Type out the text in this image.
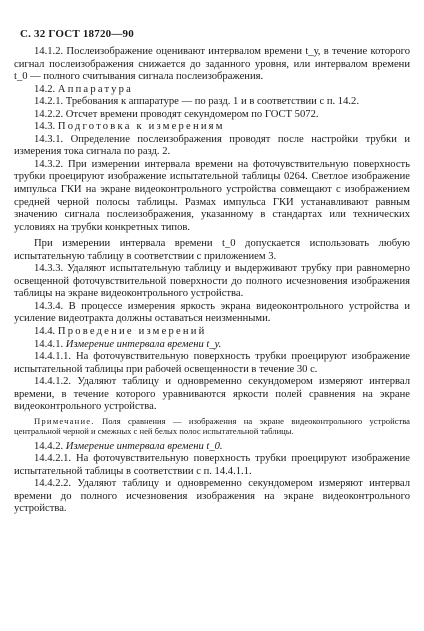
С. 32 ГОСТ 18720—90

14.1.2. Послеизображение оценивают интервалом времени t_у, в течение которого сигнал послеизображения снижается до заданного уровня, или интервалом времени t_0 — полного считывания сигнала послеизображения.

14.2. Аппаратура

14.2.1. Требования к аппаратуре — по разд. 1 и в соответствии с п. 14.2.

14.2.2. Отсчет времени проводят секундомером по ГОСТ 5072.

14.3. Подготовка к измерениям

14.3.1. Определение послеизображения проводят после настройки трубки и измерения тока сигнала по разд. 2.

14.3.2. При измерении интервала времени на фоточувствительную поверхность трубки проецируют изображение испытательной таблицы 0264. Светлое изображение импульса ГКИ на экране видеоконтрольного устройства совмещают с изображением средней черной полосы таблицы. Размах импульса ГКИ устанавливают равным значению сигнала послеизображения, указанному в стандартах или технических условиях на трубки конкретных типов.

При измерении интервала времени t_0 допускается использовать любую испытательную таблицу в соответствии с приложением 3.

14.3.3. Удаляют испытательную таблицу и выдерживают трубку при равномерно освещенной фоточувствительной поверхности до полного исчезновения изображения таблицы на экране видеоконтрольного устройства.

14.3.4. В процессе измерения яркость экрана видеоконтрольного устройства и усиление видеотракта должны оставаться неизменными.

14.4. Проведение измерений

14.4.1. Измерение интервала времени t_у.

14.4.1.1. На фоточувствительную поверхность трубки проецируют изображение испытательной таблицы при рабочей освещенности в течение 30 с.

14.4.1.2. Удаляют таблицу и одновременно секундомером измеряют интервал времени, в течение которого уравниваются яркости полей сравнения на экране видеоконтрольного устройства.

Примечание. Поля сравнения — изображения на экране видеоконтрольного устройства центральной черной и смежных с ней белых полос испытательной таблицы.

14.4.2. Измерение интервала времени t_0.

14.4.2.1. На фоточувствительную поверхность трубки проецируют изображение испытательной таблицы в соответствии с п. 14.4.1.1.

14.4.2.2. Удаляют таблицу и одновременно секундомером измеряют интервал времени до полного исчезновения изображения на экране видеоконтрольного устройства.
